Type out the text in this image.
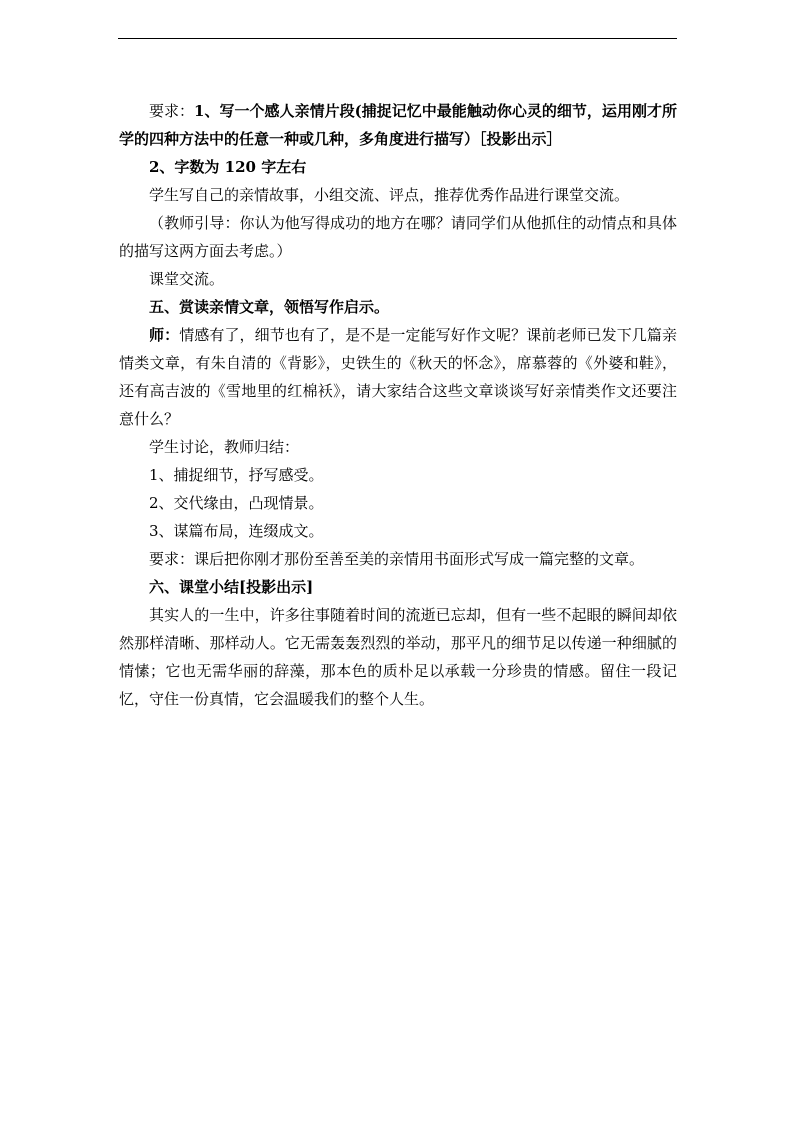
要求：1、写一个感人亲情片段(捕捉记忆中最能触动你心灵的细节，运用刚才所学的四种方法中的任意一种或几种，多角度进行描写）［投影出示］

2、字数为 120 字左右

学生写自己的亲情故事，小组交流、评点，推荐优秀作品进行课堂交流。

（教师引导：你认为他写得成功的地方在哪？请同学们从他抓住的动情点和具体的描写这两方面去考虑。）

课堂交流。

五、赏读亲情文章，领悟写作启示。

师：情感有了，细节也有了，是不是一定能写好作文呢？课前老师已发下几篇亲情类文章，有朱自清的《背影》，史铁生的《秋天的怀念》，席慕蓉的《外婆和鞋》，还有高吉波的《雪地里的红棉袄》，请大家结合这些文章谈谈写好亲情类作文还要注意什么？

学生讨论，教师归结：

1、捕捉细节，抒写感受。

2、交代缘由，凸现情景。

3、谋篇布局，连缀成文。

要求：课后把你刚才那份至善至美的亲情用书面形式写成一篇完整的文章。

六、课堂小结[投影出示]

其实人的一生中，许多往事随着时间的流逝已忘却，但有一些不起眼的瞬间却依然那样清晰、那样动人。它无需轰轰烈烈的举动，那平凡的细节足以传递一种细腻的情愫；它也无需华丽的辞藻，那本色的质朴足以承载一分珍贵的情感。留住一段记忆，守住一份真情，它会温暖我们的整个人生。
